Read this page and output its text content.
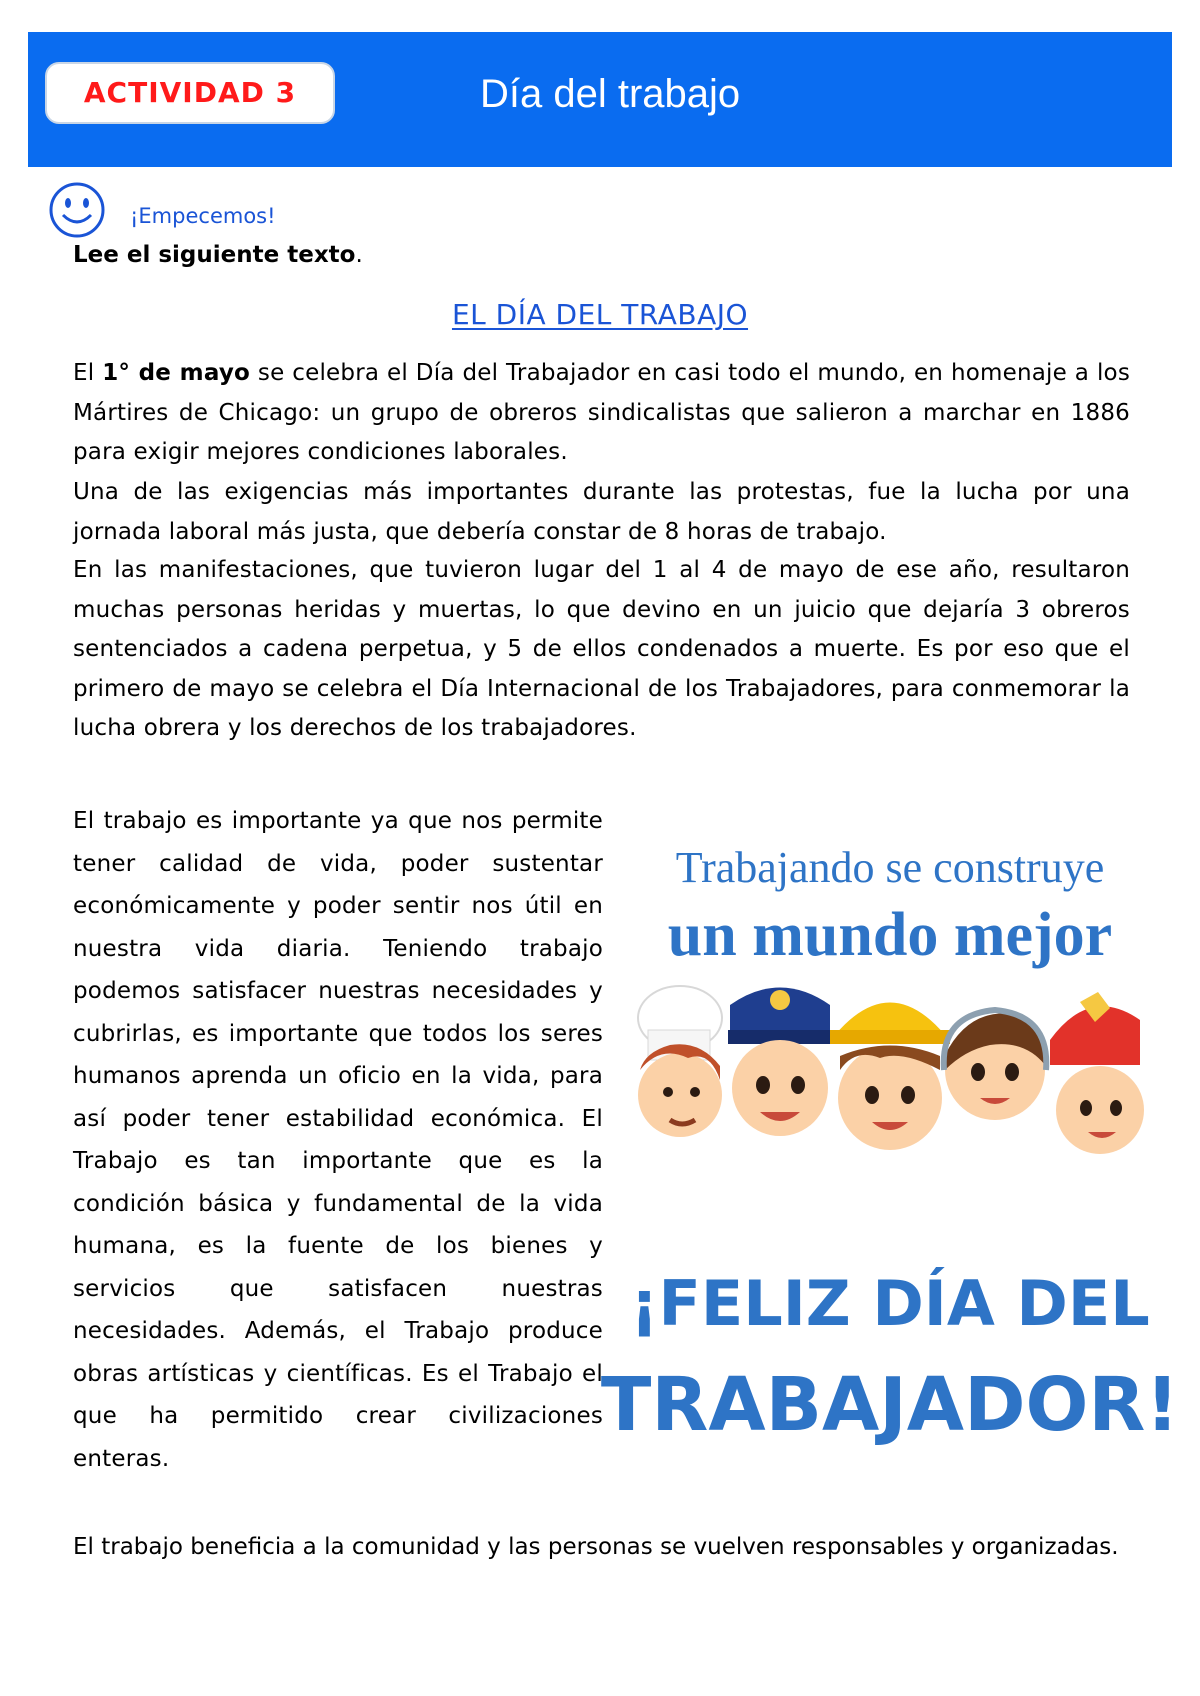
ACTIVIDAD 3	Día del trabajo
¡Empecemos!
Lee el siguiente texto.
EL DÍA DEL TRABAJO

El 1° de mayo se celebra el Día del Trabajador en casi todo el mundo, en homenaje a los Mártires de Chicago: un grupo de obreros sindicalistas que salieron a marchar en 1886 para exigir mejores condiciones laborales.

Una de las exigencias más importantes durante las protestas, fue la lucha por una jornada laboral más justa, que debería constar de 8 horas de trabajo.

En las manifestaciones, que tuvieron lugar del 1 al 4 de mayo de ese año, resultaron muchas personas heridas y muertas, lo que devino en un juicio que dejaría 3 obreros sentenciados a cadena perpetua, y 5 de ellos condenados a muerte. Es por eso que el primero de mayo se celebra el Día Internacional de los Trabajadores, para conmemorar la lucha obrera y los derechos de los trabajadores.

El trabajo es importante ya que nos permite tener calidad de vida, poder sustentar económicamente y poder sentir nos útil en nuestra vida diaria. Teniendo trabajo podemos satisfacer nuestras necesidades y cubrirlas, es importante que todos los seres humanos aprenda un oficio en la vida, para así poder tener estabilidad económica. El Trabajo es tan importante que es la condición básica y fundamental de la vida humana, es la fuente de los bienes y servicios que satisfacen nuestras necesidades. Además, el Trabajo produce obras artísticas y científicas. Es el Trabajo el que ha permitido crear civilizaciones enteras.

Trabajando se construye
un mundo mejor
¡FELIZ DÍA DEL
TRABAJADOR!

El trabajo beneficia a la comunidad y las personas se vuelven responsables y organizadas.
